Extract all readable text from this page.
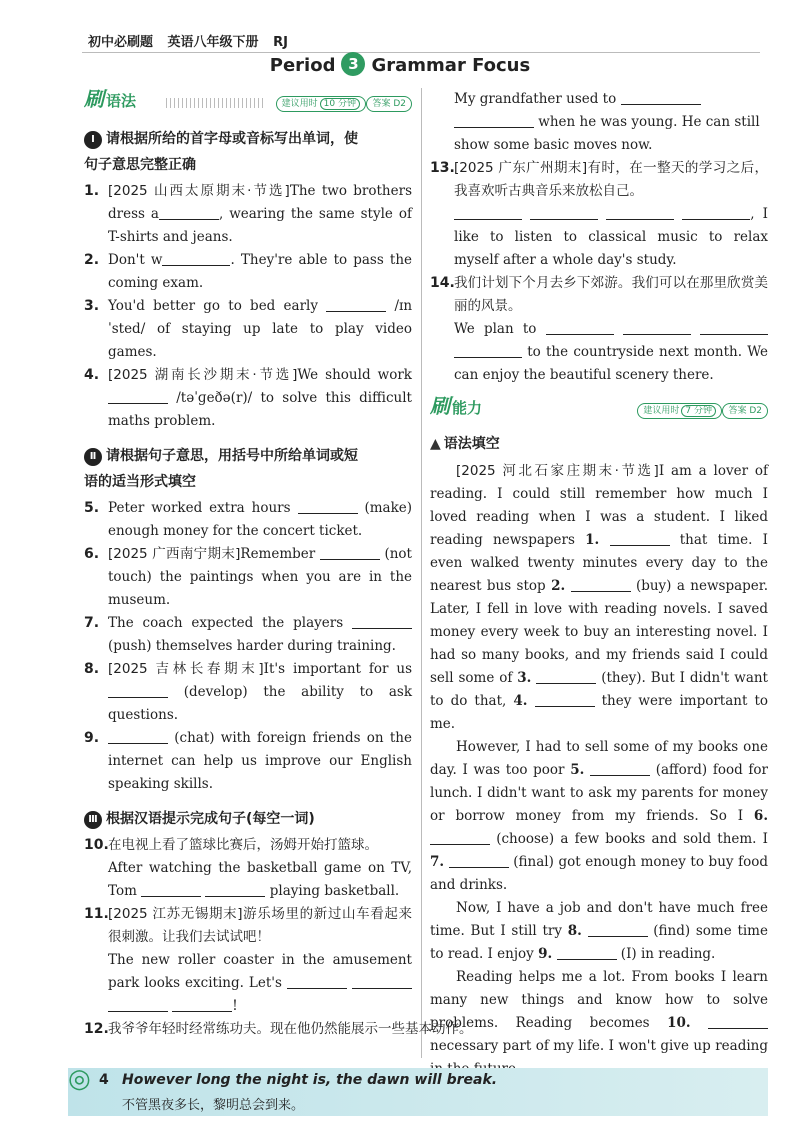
初中必刷题 英语八年级下册 RJ
Period 3 Grammar Focus
刷 语法	建议用时 10 分钟	答案 D2
Ⅰ 请根据所给的首字母或音标写出单词，使
句子意思完整正确
1. [2025 山西太原期末·节选]The two brothers dress a	, wearing the same style of T-shirts and jeans.
2. Don't w	. They're able to pass the coming exam.
3. You'd better go to bed early	/ɪnˈsted/ of staying up late to play video games.
4. [2025 湖南长沙期末·节选]We should work  /təˈɡeðə(r)/ to solve this difficult maths problem.
Ⅱ 请根据句子意思，用括号中所给单词或短
语的适当形式填空
5. Peter worked extra hours	(make) enough money for the concert ticket.
6. [2025 广西南宁期末]Remember	(not touch) the paintings when you are in the museum.
7. The coach expected the players  (push) themselves harder during training.
8. [2025 吉林长春期末]It's important for us  (develop) the ability to ask questions.
9.	(chat) with foreign friends on the internet can help us improve our English speaking skills.
Ⅲ 根据汉语提示完成句子(每空一词)
10. 在电视上看了篮球比赛后，汤姆开始打篮球。
After watching the basketball game on TV, Tom	playing basketball.
11. [2025 江苏无锡期末]游乐场里的新过山车看起来很刺激。让我们去试试吧！
The new roller coaster in the amusement park looks exciting. Let's    !
12. 我爷爷年轻时经常练功夫。现在他仍然能展示一些基本动作。
My grandfather used to   when he was young. He can still show some basic moves now.
13. [2025 广东广州期末]有时，在一整天的学习之后，我喜欢听古典音乐来放松自己。
, I like to listen to classical music to relax myself after a whole day's study.
14. 我们计划下个月去乡下郊游。我们可以在那里欣赏美丽的风景。
We plan to     to the countryside next month. We can enjoy the beautiful scenery there.
刷 能力	建议用时 7 分钟	答案 D2
▲ 语法填空
[2025 河北石家庄期末·节选]I am a lover of reading. I could still remember how much I loved reading when I was a student. I liked reading newspapers 1.	that time. I even walked twenty minutes every day to the nearest bus stop 2.	(buy) a newspaper. Later, I fell in love with reading novels. I saved money every week to buy an interesting novel. I had so many books, and my friends said I could sell some of 3.	(they). But I didn't want to do that, 4.	they were important to me.
However, I had to sell some of my books one day. I was too poor 5.	(afford) food for lunch. I didn't want to ask my parents for money or borrow money from my friends. So I 6.  (choose) a few books and sold them. I 7.	(final) got enough money to buy food and drinks.
Now, I have a job and don't have much free time. But I still try 8.	(find) some time to read. I enjoy 9.	(I) in reading.
Reading helps me a lot. From books I learn many new things and know how to solve problems. Reading becomes 10.  necessary part of my life. I won't give up reading
◎ 4 However long the night is, the dawn will break.
不管黑夜多长，黎明总会到来。
